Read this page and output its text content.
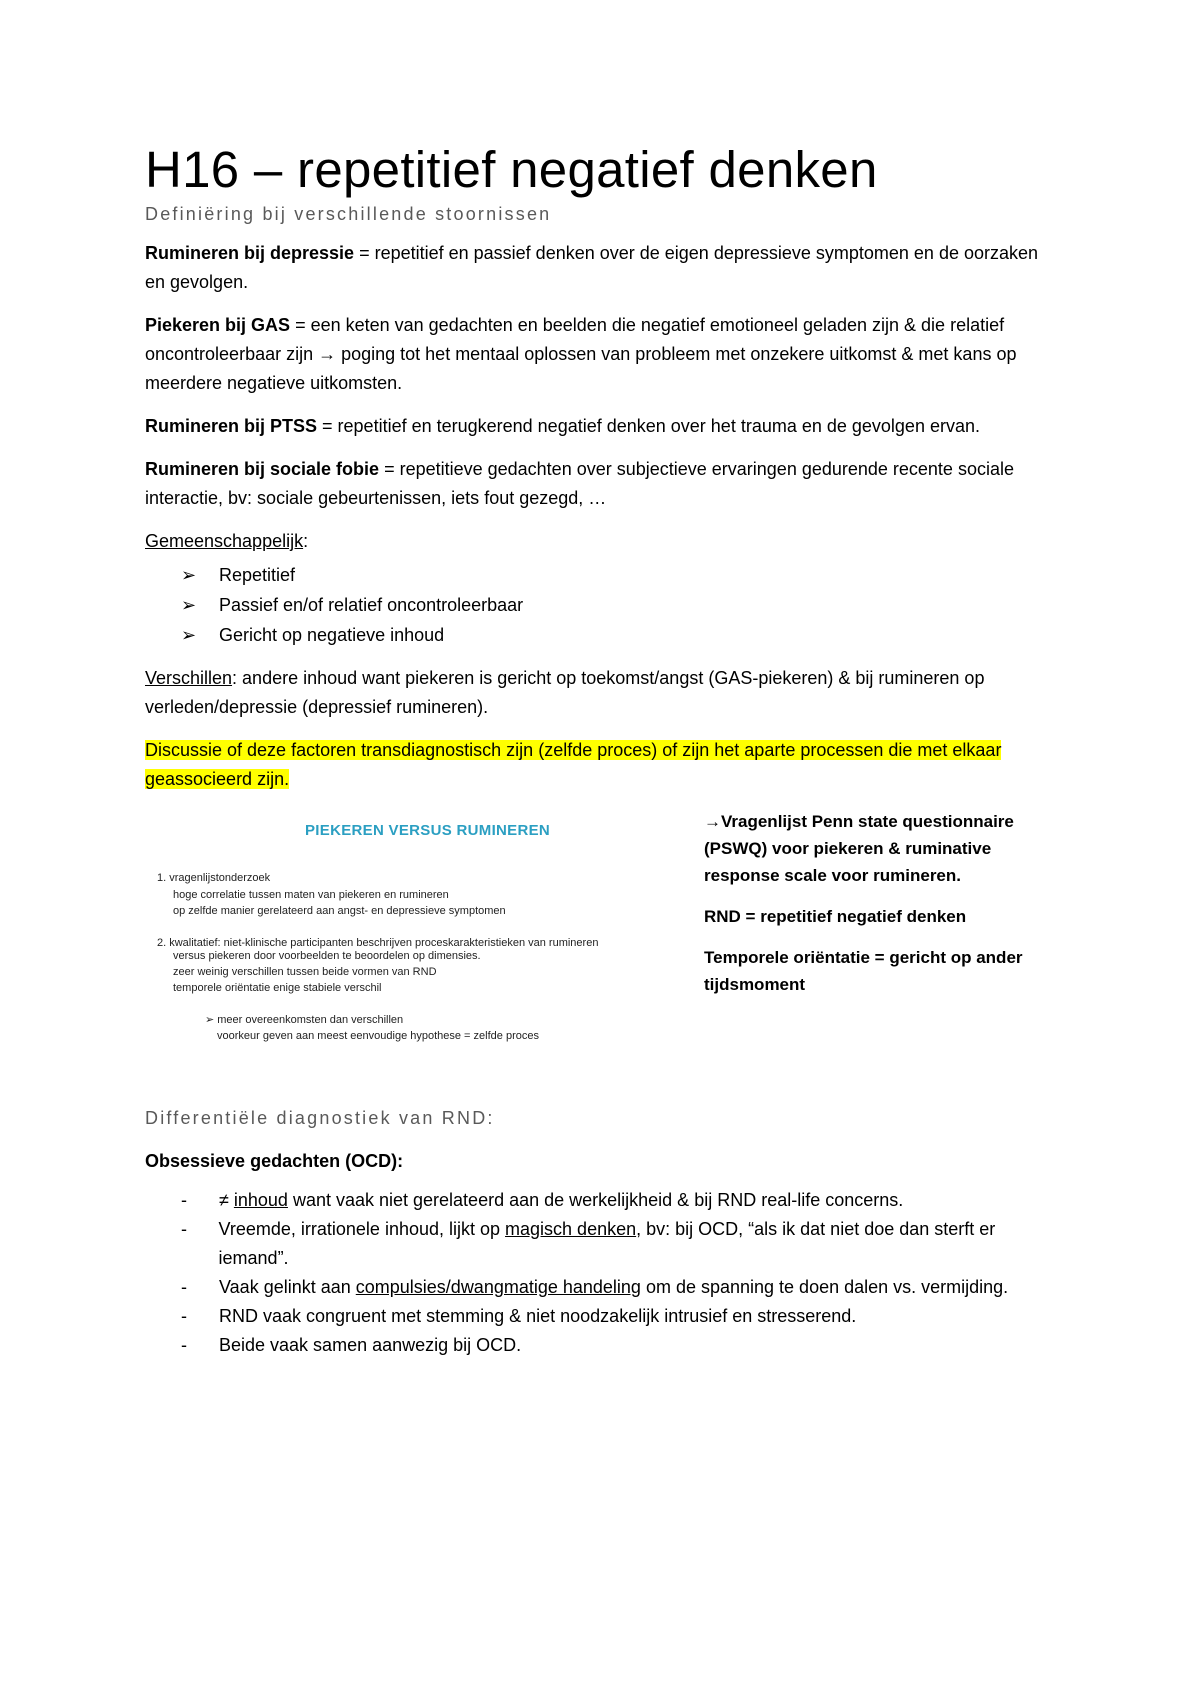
H16 – repetitief negatief denken
Definiëring bij verschillende stoornissen

Rumineren bij depressie = repetitief en passief denken over de eigen depressieve symptomen en de oorzaken en gevolgen.

Piekeren bij GAS = een keten van gedachten en beelden die negatief emotioneel geladen zijn & die relatief oncontroleerbaar zijn → poging tot het mentaal oplossen van probleem met onzekere uitkomst & met kans op meerdere negatieve uitkomsten.

Rumineren bij PTSS = repetitief en terugkerend negatief denken over het trauma en de gevolgen ervan.

Rumineren bij sociale fobie = repetitieve gedachten over subjectieve ervaringen gedurende recente sociale interactie, bv: sociale gebeurtenissen, iets fout gezegd, …

Gemeenschappelijk:

➢	Repetitief
➢	Passief en/of relatief oncontroleerbaar
➢	Gericht op negatieve inhoud

Verschillen: andere inhoud want piekeren is gericht op toekomst/angst (GAS-piekeren) & bij rumineren op verleden/depressie (depressief rumineren).

Discussie of deze factoren transdiagnostisch zijn (zelfde proces) of zijn het aparte processen die met elkaar geassocieerd zijn.

PIEKEREN VERSUS RUMINEREN
1. vragenlijstonderzoek
hoge correlatie tussen maten van piekeren en rumineren
op zelfde manier gerelateerd aan angst- en depressieve symptomen
2. kwalitatief: niet-klinische participanten beschrijven proceskarakteristieken van rumineren
versus piekeren door voorbeelden te beoordelen op dimensies.
zeer weinig verschillen tussen beide vormen van RND
temporele oriëntatie enige stabiele verschil
➢ meer overeenkomsten dan verschillen
voorkeur geven aan meest eenvoudige hypothese = zelfde proces

→Vragenlijst Penn state questionnaire (PSWQ) voor piekeren & ruminative response scale voor rumineren.

RND = repetitief negatief denken

Temporele oriëntatie = gericht op ander tijdsmoment

Differentiële diagnostiek van RND:

Obsessieve gedachten (OCD):

-	≠ inhoud want vaak niet gerelateerd aan de werkelijkheid & bij RND real-life concerns.
-	Vreemde, irrationele inhoud, lijkt op magisch denken, bv: bij OCD, “als ik dat niet doe dan sterft er iemand”.
-	Vaak gelinkt aan compulsies/dwangmatige handeling om de spanning te doen dalen vs. vermijding.
-	RND vaak congruent met stemming & niet noodzakelijk intrusief en stresserend.
-	Beide vaak samen aanwezig bij OCD.
